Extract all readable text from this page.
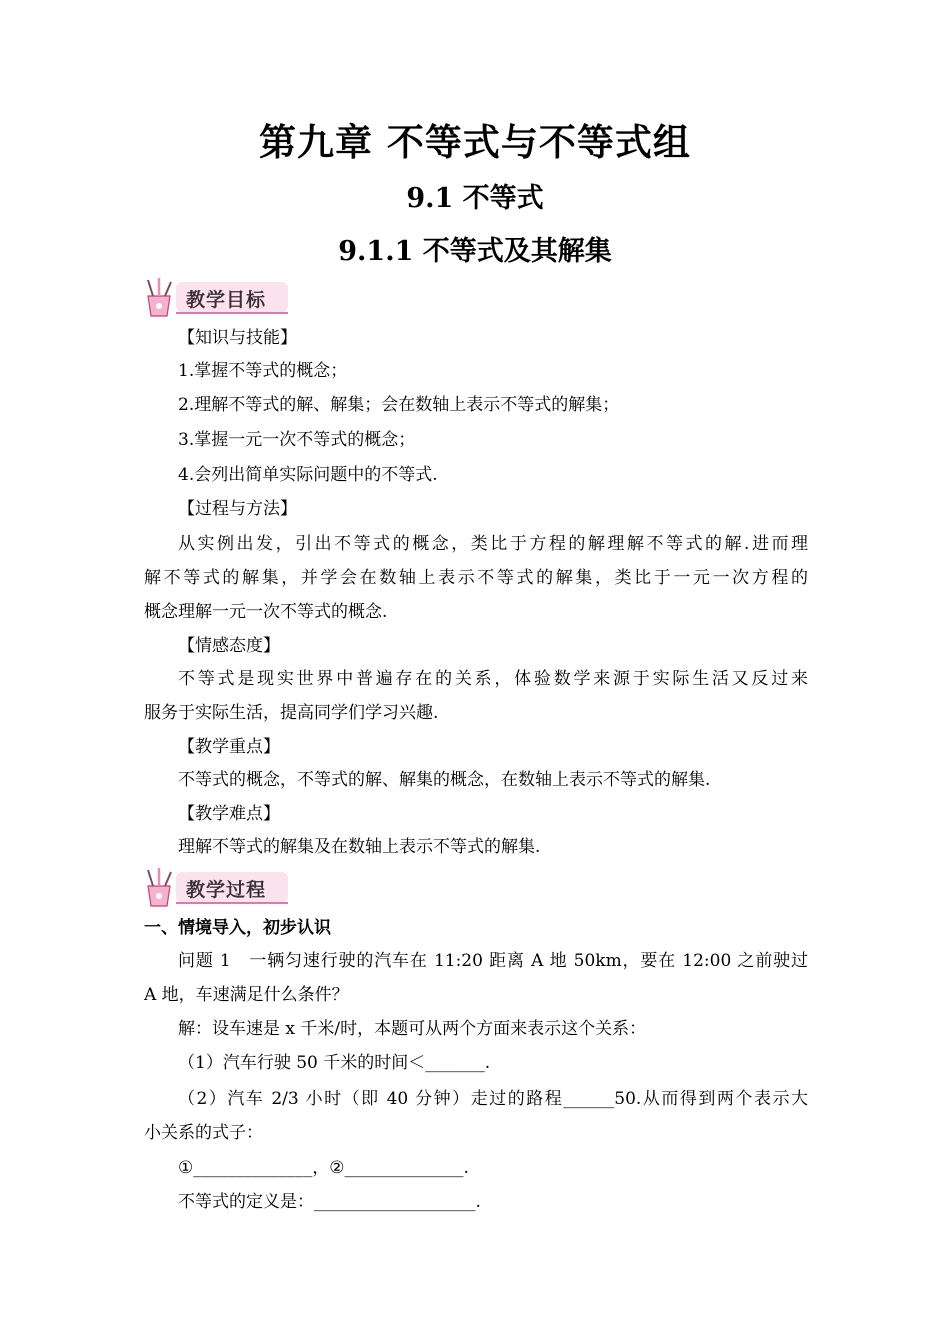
第九章 不等式与不等式组
9.1 不等式
9.1.1 不等式及其解集
教学目标
【知识与技能】
1.掌握不等式的概念；
2.理解不等式的解、解集；会在数轴上表示不等式的解集；
3.掌握一元一次不等式的概念；
4.会列出简单实际问题中的不等式.
【过程与方法】
从实例出发，引出不等式的概念，类比于方程的解理解不等式的解.进而理
解不等式的解集，并学会在数轴上表示不等式的解集，类比于一元一次方程的
概念理解一元一次不等式的概念.
【情感态度】
不等式是现实世界中普遍存在的关系，体验数学来源于实际生活又反过来
服务于实际生活，提高同学们学习兴趣.
【教学重点】
不等式的概念，不等式的解、解集的概念，在数轴上表示不等式的解集.
【教学难点】
理解不等式的解集及在数轴上表示不等式的解集.
教学过程
一、情境导入，初步认识
问题 1　一辆匀速行驶的汽车在 11:20 距离 A 地 50km，要在 12:00 之前驶过
A 地，车速满足什么条件？
解：设车速是 x 千米/时，本题可从两个方面来表示这个关系：
（1）汽车行驶 50 千米的时间＜_______.
（2）汽车 2/3 小时（即 40 分钟）走过的路程______50.从而得到两个表示大
小关系的式子：
①______________，②______________.
不等式的定义是：___________________.
